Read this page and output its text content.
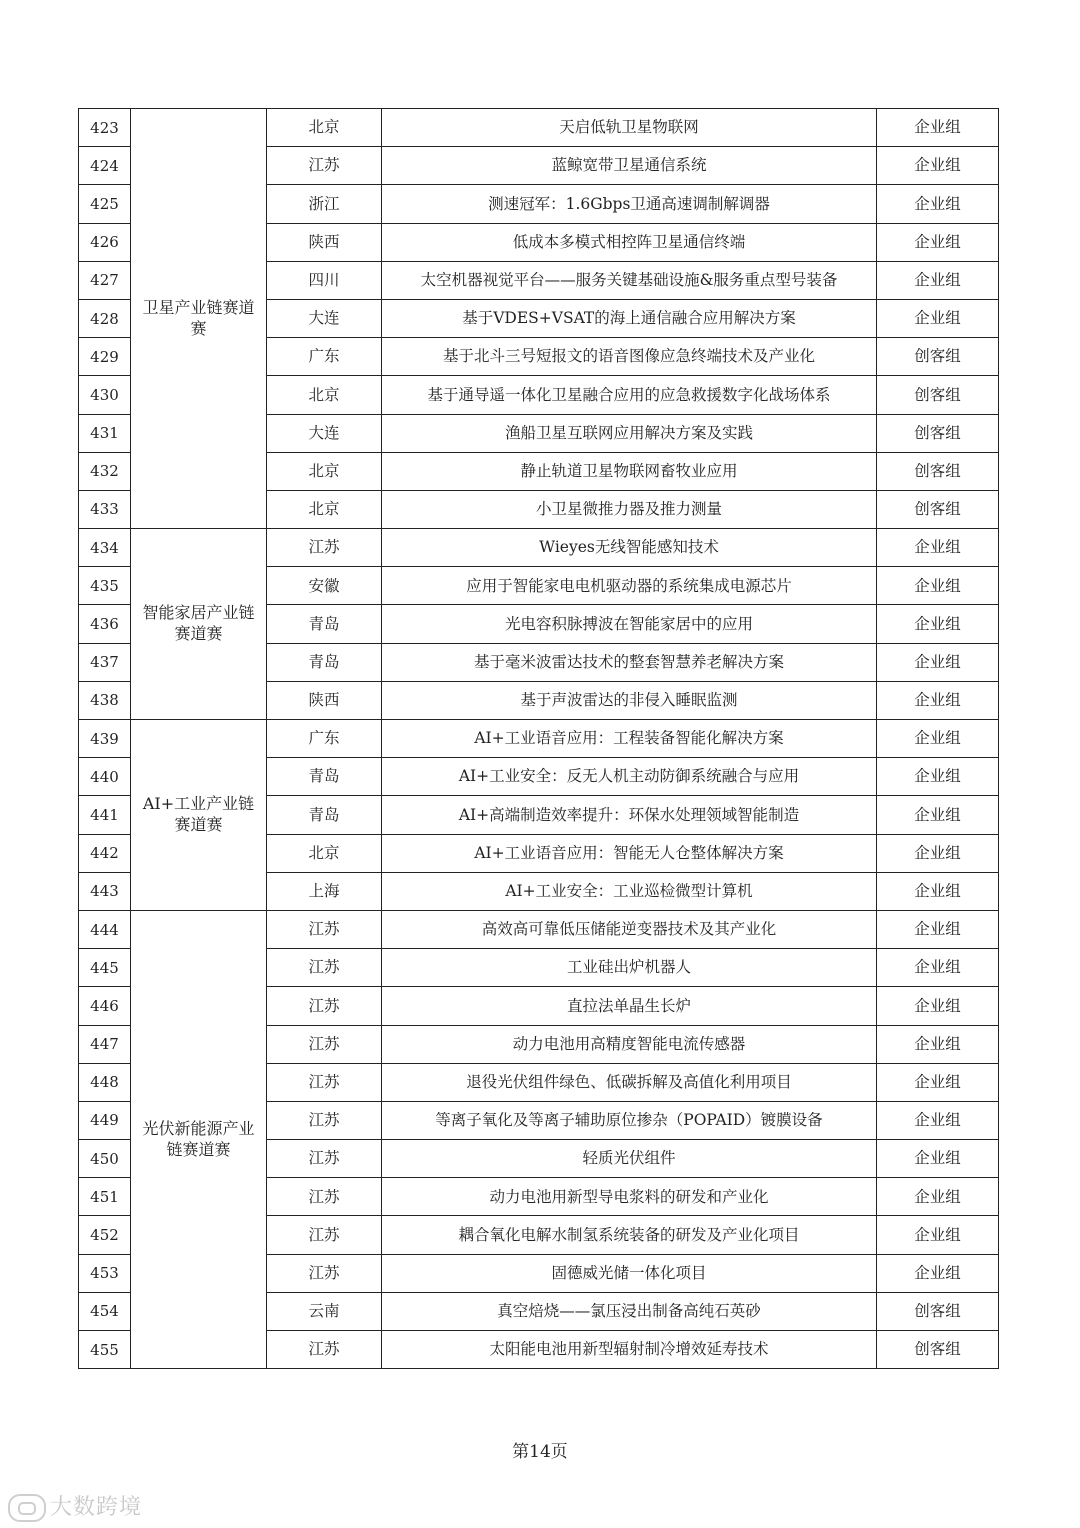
423	卫星产业链赛道赛	北京	天启低轨卫星物联网	企业组
424		江苏	蓝鲸宽带卫星通信系统	企业组
425		浙江	测速冠军：1.6Gbps卫通高速调制解调器	企业组
426		陕西	低成本多模式相控阵卫星通信终端	企业组
427		四川	太空机器视觉平台——服务关键基础设施&服务重点型号装备	企业组
428		大连	基于VDES+VSAT的海上通信融合应用解决方案	企业组
429		广东	基于北斗三号短报文的语音图像应急终端技术及产业化	创客组
430		北京	基于通导遥一体化卫星融合应用的应急救援数字化战场体系	创客组
431		大连	渔船卫星互联网应用解决方案及实践	创客组
432		北京	静止轨道卫星物联网畜牧业应用	创客组
433		北京	小卫星微推力器及推力测量	创客组
434	智能家居产业链赛道赛	江苏	Wieyes无线智能感知技术	企业组
435		安徽	应用于智能家电电机驱动器的系统集成电源芯片	企业组
436		青岛	光电容积脉搏波在智能家居中的应用	企业组
437		青岛	基于毫米波雷达技术的整套智慧养老解决方案	企业组
438		陕西	基于声波雷达的非侵入睡眠监测	企业组
439	AI+工业产业链赛道赛	广东	AI+工业语音应用：工程装备智能化解决方案	企业组
440		青岛	AI+工业安全：反无人机主动防御系统融合与应用	企业组
441		青岛	AI+高端制造效率提升：环保水处理领域智能制造	企业组
442		北京	AI+工业语音应用：智能无人仓整体解决方案	企业组
443		上海	AI+工业安全：工业巡检微型计算机	企业组
444	光伏新能源产业链赛道赛	江苏	高效高可靠低压储能逆变器技术及其产业化	企业组
445		江苏	工业硅出炉机器人	企业组
446		江苏	直拉法单晶生长炉	企业组
447		江苏	动力电池用高精度智能电流传感器	企业组
448		江苏	退役光伏组件绿色、低碳拆解及高值化利用项目	企业组
449		江苏	等离子氧化及等离子辅助原位掺杂（POPAID）镀膜设备	企业组
450		江苏	轻质光伏组件	企业组
451		江苏	动力电池用新型导电浆料的研发和产业化	企业组
452		江苏	耦合氧化电解水制氢系统装备的研发及产业化项目	企业组
453		江苏	固德威光储一体化项目	企业组
454		云南	真空焙烧——氯压浸出制备高纯石英砂	创客组
455		江苏	太阳能电池用新型辐射制冷增效延寿技术	创客组
第14页
大数跨境
